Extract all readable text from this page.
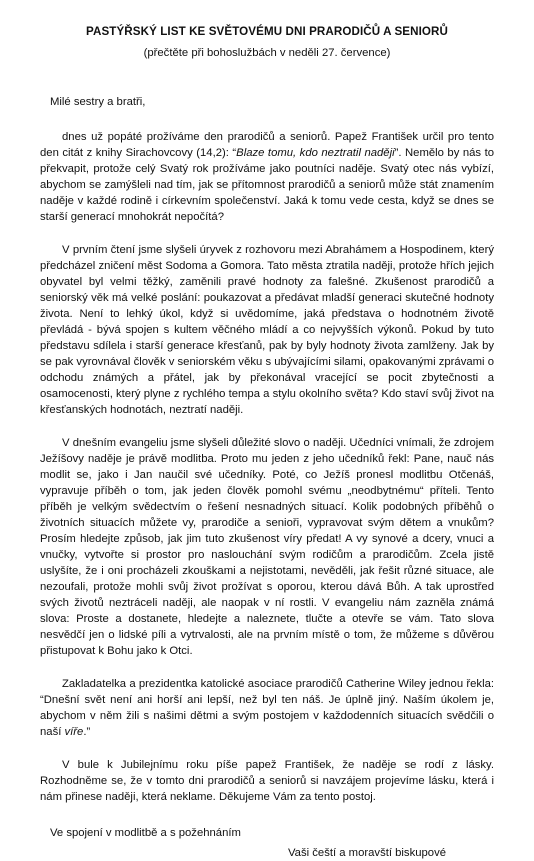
PASTÝŘSKÝ LIST KE SVĚTOVÉMU DNI PRARODIČŮ A SENIORŮ

(přečtěte při bohoslužbách v neděli 27. července)

Milé sestry a bratři,

dnes už popáté prožíváme den prarodičů a seniorů. Papež František určil pro tento den citát z knihy Sirachovcovy (14,2): “Blaze tomu, kdo neztratil naději”. Nemělo by nás to překvapit, protože celý Svatý rok prožíváme jako poutníci naděje. Svatý otec nás vybízí, abychom se zamýšleli nad tím, jak se přítomnost prarodičů a seniorů může stát znamením naděje v každé rodině i církevním společenství. Jaká k tomu vede cesta, když se dnes se starší generací mnohokrát nepočítá?

V prvním čtení jsme slyšeli úryvek z rozhovoru mezi Abrahámem a Hospodinem, který předcházel zničení měst Sodoma a Gomora. Tato města ztratila naději, protože hřích jejich obyvatel byl velmi těžký, zaměnili pravé hodnoty za falešné. Zkušenost prarodičů a seniorský věk má velké poslání: poukazovat a předávat mladší generaci skutečné hodnoty života. Není to lehký úkol, když si uvědomíme, jaká představa o hodnotném životě převládá - bývá spojen s kultem věčného mládí a co nejvyšších výkonů. Pokud by tuto představu sdílela i starší generace křesťanů, pak by byly hodnoty života zamlženy. Jak by se pak vyrovnával člověk v seniorském věku s ubývajícími silami, opakovanými zprávami o odchodu známých a přátel, jak by překonával vracející se pocit zbytečnosti a osamocenosti, který plyne z rychlého tempa a stylu okolního světa? Kdo staví svůj život na křesťanských hodnotách, neztratí naději.

V dnešním evangeliu jsme slyšeli důležité slovo o naději. Učedníci vnímali, že zdrojem Ježíšovy naděje je právě modlitba. Proto mu jeden z jeho učedníků řekl: Pane, nauč nás modlit se, jako i Jan naučil své učedníky. Poté, co Ježíš pronesl modlitbu Otčenáš, vypravuje příběh o tom, jak jeden člověk pomohl svému „neodbytnému“ příteli. Tento příběh je velkým svědectvím o řešení nesnadných situací. Kolik podobných příběhů o životních situacích můžete vy, prarodiče a senioři, vypravovat svým dětem a vnukům? Prosím hledejte způsob, jak jim tuto zkušenost víry předat! A vy synové a dcery, vnuci a vnučky, vytvořte si prostor pro naslouchání svým rodičům a prarodičům. Zcela jistě uslyšíte, že i oni procházeli zkouškami a nejistotami, nevěděli, jak řešit různé situace, ale nezoufali, protože mohli svůj život prožívat s oporou, kterou dává Bůh. A tak uprostřed svých životů neztráceli naději, ale naopak v ní rostli. V evangeliu nám zazněla známá slova: Proste a dostanete, hledejte a naleznete, tlučte a otevře se vám. Tato slova nesvědčí jen o lidské píli a vytrvalosti, ale na prvním místě o tom, že můžeme s důvěrou přistupovat k Bohu jako k Otci.

Zakladatelka a prezidentka katolické asociace prarodičů Catherine Wiley jednou řekla: “Dnešní svět není ani horší ani lepší, než byl ten náš. Je úplně jiný. Naším úkolem je, abychom v něm žili s našimi dětmi a svým postojem v každodenních situacích svědčili o naší víře.”

V bule k Jubilejnímu roku píše papež František, že naděje se rodí z lásky. Rozhodněme se, že v tomto dni prarodičů a seniorů si navzájem projevíme lásku, která i nám přinese naději, která neklame. Děkujeme Vám za tento postoj.

Ve spojení v modlitbě a s požehnáním

Vaši čeští a moravští biskupové
